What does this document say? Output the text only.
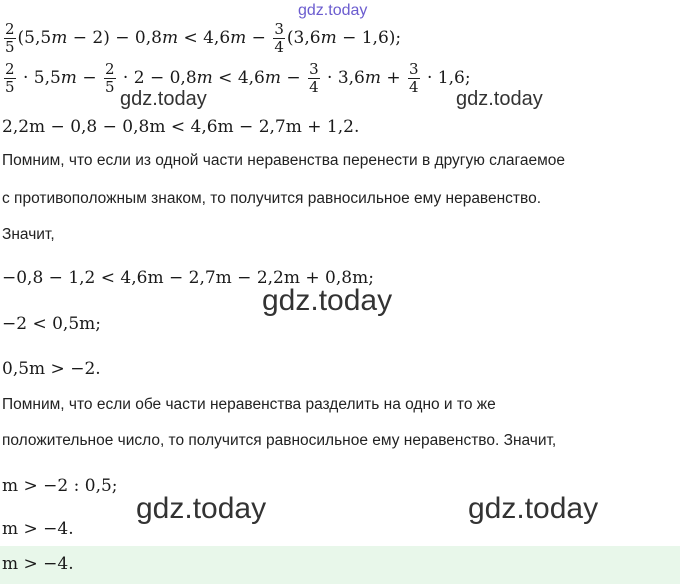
gdz.today
gdz.today	gdz.today
gdz.today
gdz.today	gdz.today
$\frac{2}{5} (5,5m - 2) - 0,8m < 4,6m - \frac{3}{4} (3,6m - 1,6)$;
$\frac{2}{5} \cdot 5,5m - \frac{2}{5} \cdot 2 - 0,8m < 4,6m - \frac{3}{4} \cdot 3,6m + \frac{3}{4} \cdot 1,6$;
2,2m − 0,8 − 0,8m < 4,6m − 2,7m + 1,2.
Помним, что если из одной части неравенства перенести в другую слагаемое
с противоположным знаком, то получится равносильное ему неравенство.
Значит,
−0,8 − 1,2 < 4,6m − 2,7m − 2,2m + 0,8m;
−2 < 0,5m;
0,5m > −2.
Помним, что если обе части неравенства разделить на одно и то же
положительное число, то получится равносильное ему неравенство. Значит,
m > −2 : 0,5;
m > −4.
m > −4.
